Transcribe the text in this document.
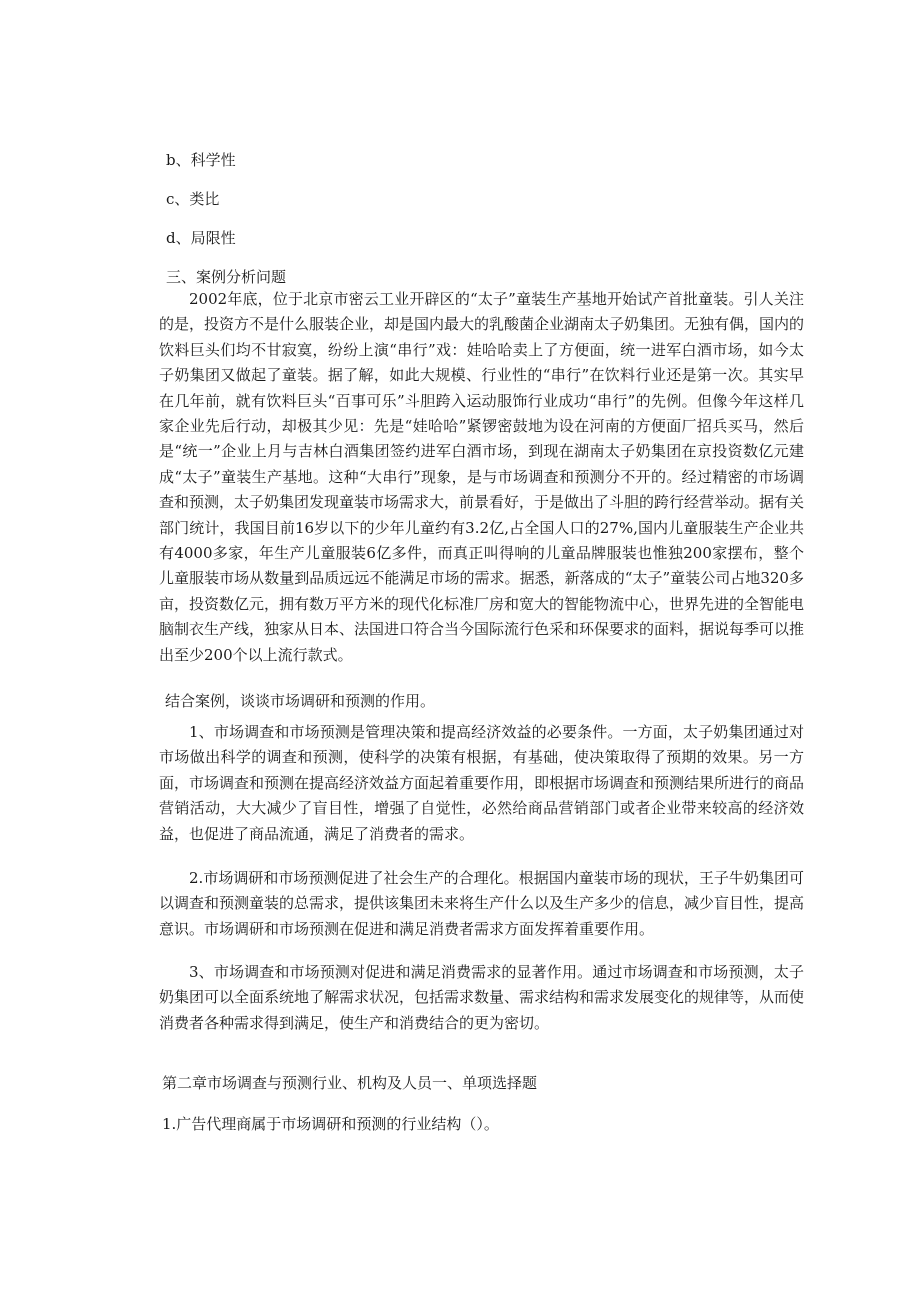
b、科学性
c、类比
d、局限性
三、案例分析问题

2002年底，位于北京市密云工业开辟区的“太子”童装生产基地开始试产首批童装。引人关注的是，投资方不是什么服装企业，却是国内最大的乳酸菌企业湖南太子奶集团。无独有偶，国内的饮料巨头们均不甘寂寞，纷纷上演“串行”戏：娃哈哈卖上了方便面，统一进军白酒市场，如今太子奶集团又做起了童装。据了解，如此大规模、行业性的“串行”在饮料行业还是第一次。其实早在几年前，就有饮料巨头“百事可乐”斗胆跨入运动服饰行业成功“串行”的先例。但像今年这样几家企业先后行动，却极其少见：先是“娃哈哈”紧锣密鼓地为设在河南的方便面厂招兵买马，然后是“统一”企业上月与吉林白酒集团签约进军白酒市场，到现在湖南太子奶集团在京投资数亿元建成“太子”童装生产基地。这种“大串行”现象，是与市场调查和预测分不开的。经过精密的市场调查和预测，太子奶集团发现童装市场需求大，前景看好，于是做出了斗胆的跨行经营举动。据有关部门统计，我国目前16岁以下的少年儿童约有3.2亿,占全国人口的27%,国内儿童服装生产企业共有4000多家，年生产儿童服装6亿多件，而真正叫得响的儿童品牌服装也惟独200家摆布，整个儿童服装市场从数量到品质远远不能满足市场的需求。据悉，新落成的“太子”童装公司占地320多亩，投资数亿元，拥有数万平方米的现代化标准厂房和宽大的智能物流中心，世界先进的全智能电脑制衣生产线，独家从日本、法国进口符合当今国际流行色采和环保要求的面料，据说每季可以推出至少200个以上流行款式。

结合案例，谈谈市场调研和预测的作用。

1、市场调查和市场预测是管理决策和提高经济效益的必要条件。一方面，太子奶集团通过对市场做出科学的调查和预测，使科学的决策有根据，有基础，使决策取得了预期的效果。另一方面，市场调查和预测在提高经济效益方面起着重要作用，即根据市场调查和预测结果所进行的商品营销活动，大大减少了盲目性，增强了自觉性，必然给商品营销部门或者企业带来较高的经济效益，也促进了商品流通，满足了消费者的需求。

2.市场调研和市场预测促进了社会生产的合理化。根据国内童装市场的现状，王子牛奶集团可以调查和预测童装的总需求，提供该集团未来将生产什么以及生产多少的信息，减少盲目性，提高意识。市场调研和市场预测在促进和满足消费者需求方面发挥着重要作用。

3、市场调查和市场预测对促进和满足消费需求的显著作用。通过市场调查和市场预测，太子奶集团可以全面系统地了解需求状况，包括需求数量、需求结构和需求发展变化的规律等，从而使消费者各种需求得到满足，使生产和消费结合的更为密切。

第二章市场调查与预测行业、机构及人员一、单项选择题
1.广告代理商属于市场调研和预测的行业结构（）。
